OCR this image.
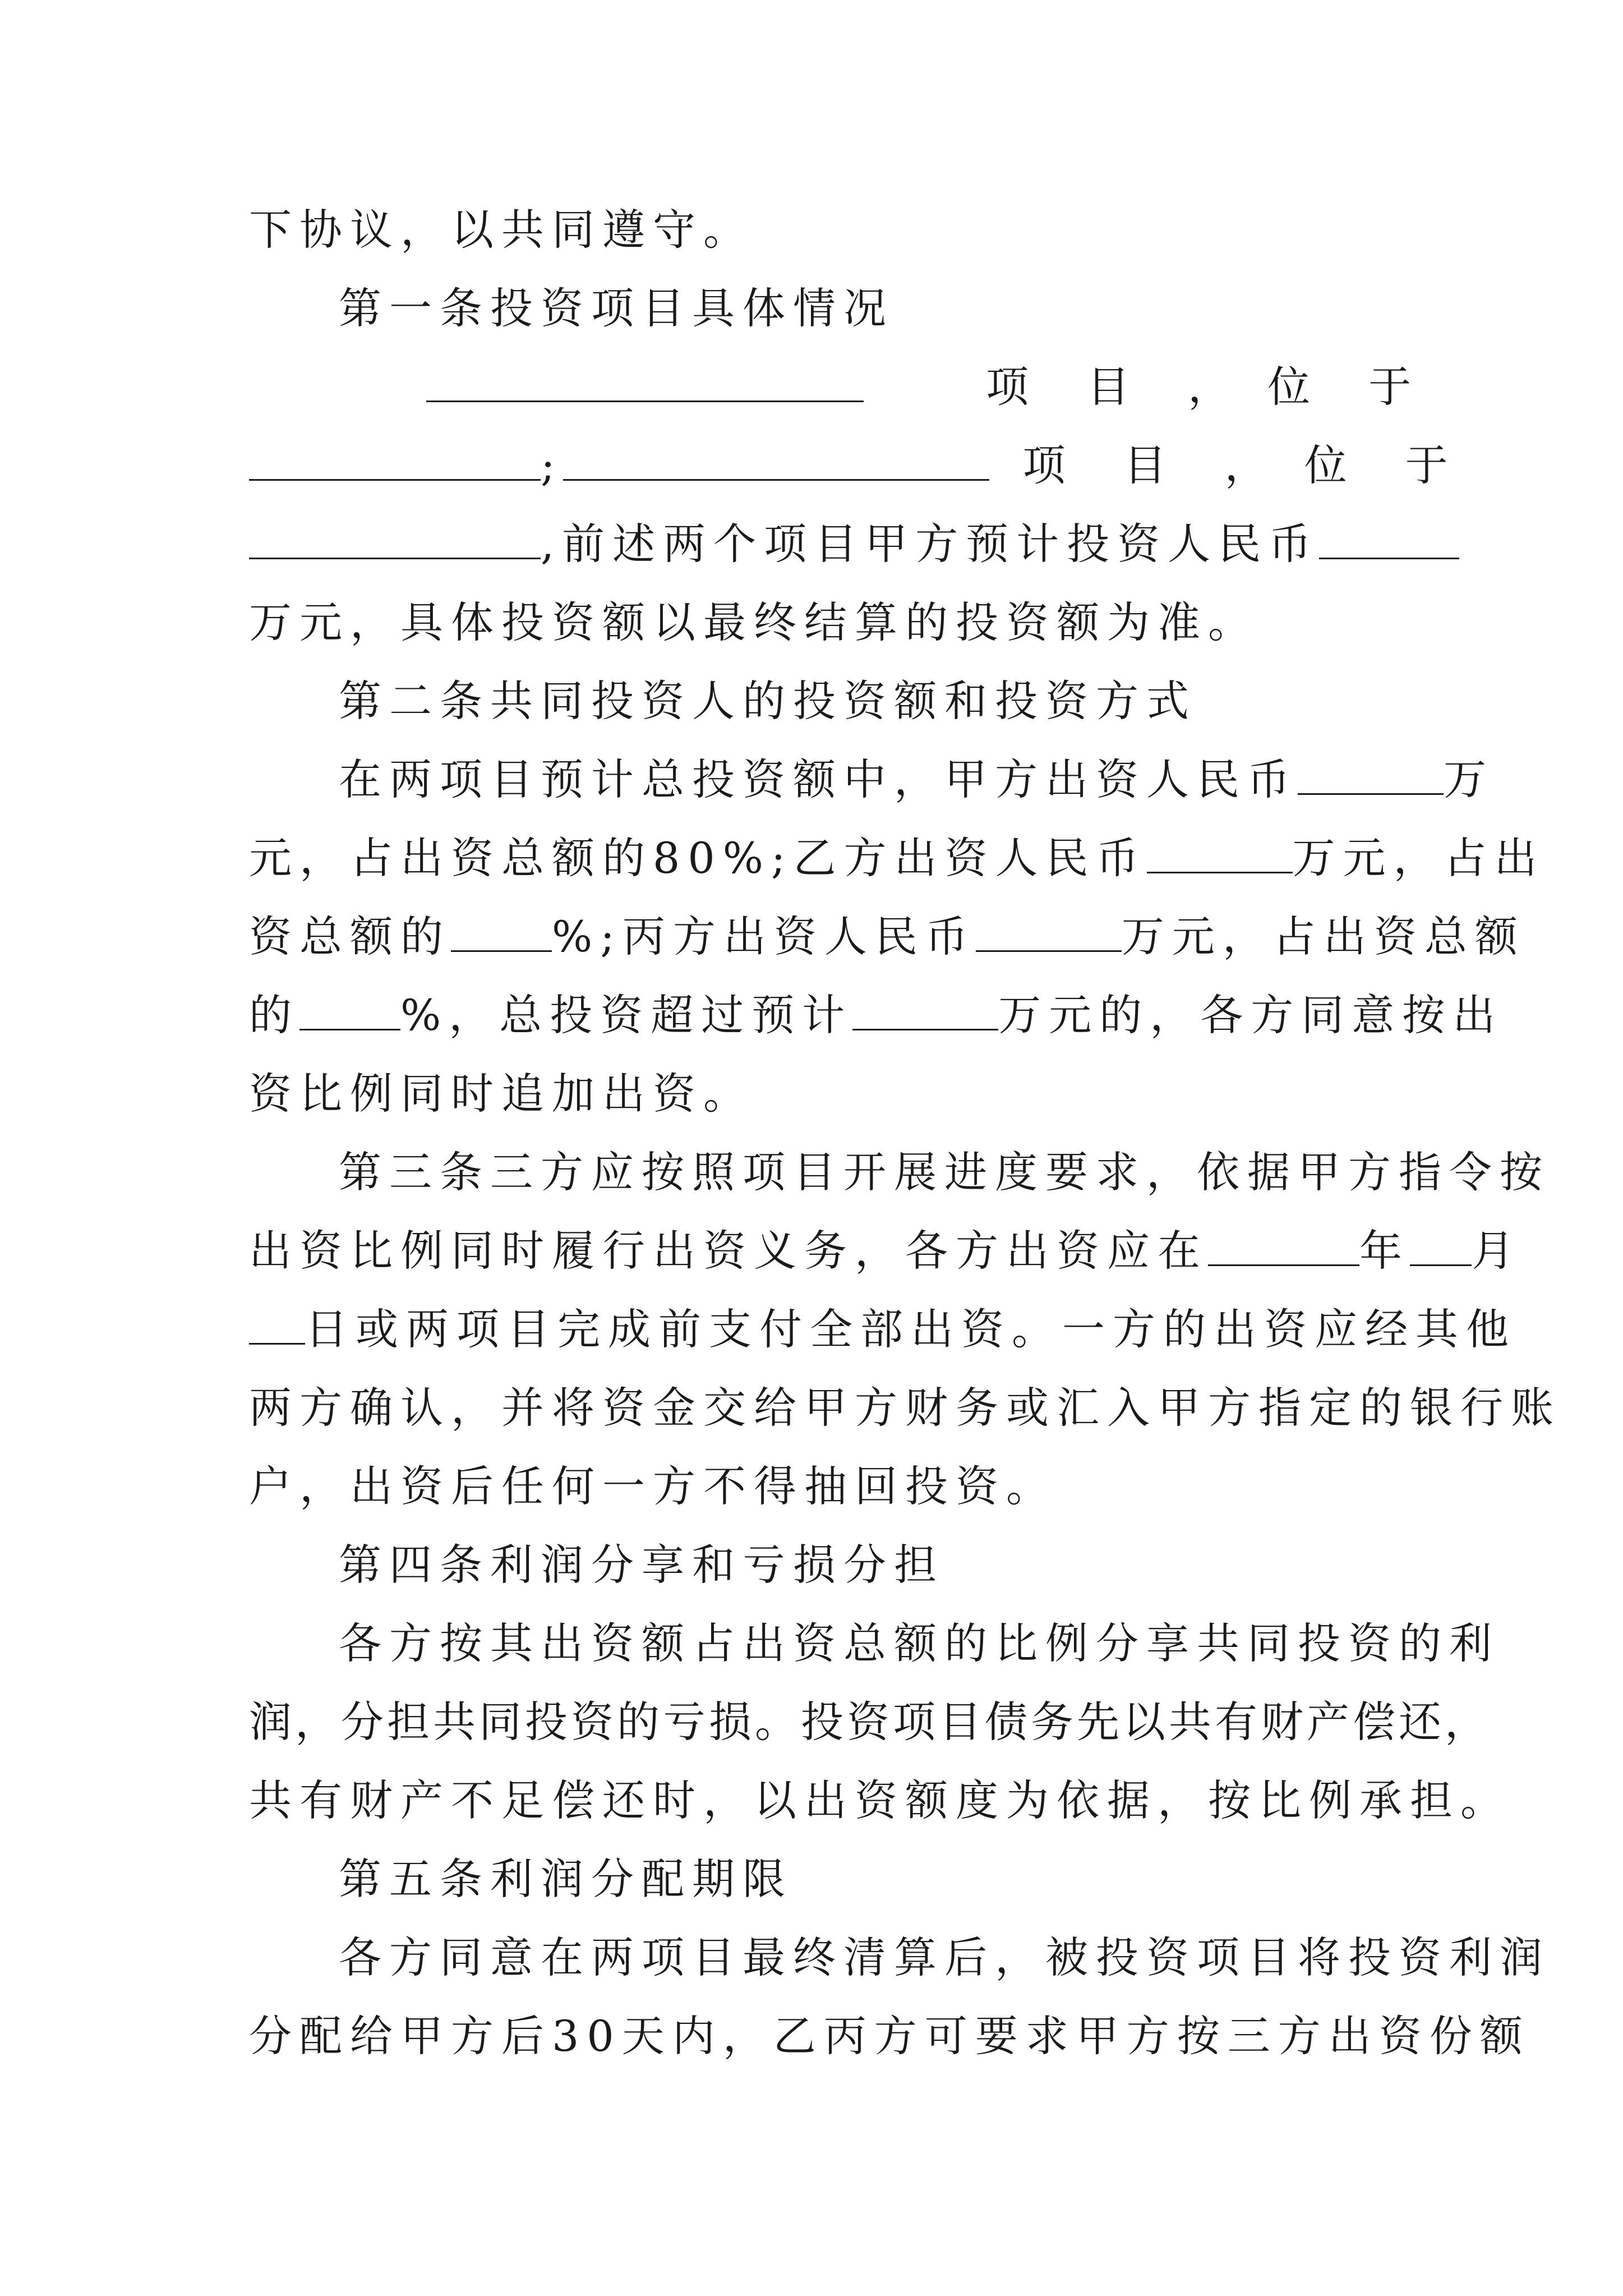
下协议，以共同遵守。
第一条投资项目具体情况
项　目　，　位　于
;	项　目　，　位　于
,前述两个项目甲方预计投资人民币
万元，具体投资额以最终结算的投资额为准。
第二条共同投资人的投资额和投资方式
在两项目预计总投资额中，甲方出资人民币	万
元，占出资总额的80%;乙方出资人民币	万元，占出
资总额的 %;丙方出资人民币	万元，占出资总额
的 %，总投资超过预计	万元的，各方同意按出
资比例同时追加出资。
第三条三方应按照项目开展进度要求，依据甲方指令按
出资比例同时履行出资义务，各方出资应在	年 月
日或两项目完成前支付全部出资。一方的出资应经其他
两方确认，并将资金交给甲方财务或汇入甲方指定的银行账
户，出资后任何一方不得抽回投资。
第四条利润分享和亏损分担
各方按其出资额占出资总额的比例分享共同投资的利
润，分担共同投资的亏损。投资项目债务先以共有财产偿还，
共有财产不足偿还时，以出资额度为依据，按比例承担。
第五条利润分配期限
各方同意在两项目最终清算后，被投资项目将投资利润
分配给甲方后30天内，乙丙方可要求甲方按三方出资份额
